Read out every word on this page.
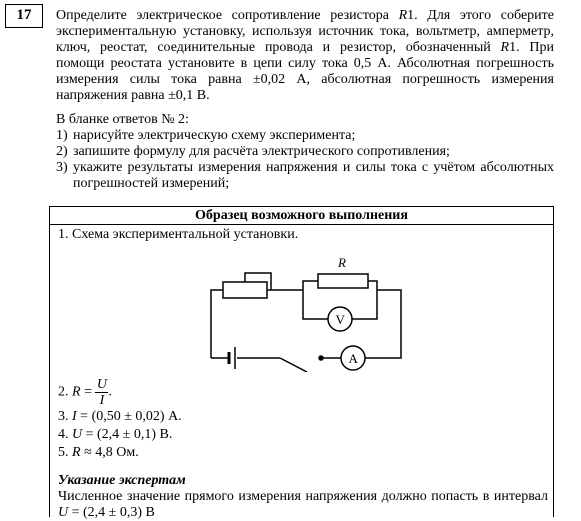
17	Определите электрическое сопротивление резистора R1. Для этого соберите экспериментальную установку, используя источник тока, вольтметр, амперметр, ключ, реостат, соединительные провода и резистор, обозначенный R1. При помощи реостата установите в цепи силу тока 0,5 А. Абсолютная погрешность измерения силы тока равна ±0,02 А, абсолютная погрешность измерения напряжения равна ±0,1 В.

В бланке ответов № 2:

1) нарисуйте электрическую схему эксперимента;
2) запишите формулу для расчёта электрического сопротивления;
3) укажите результаты измерения напряжения и силы тока с учётом абсолютных погрешностей измерений;
Образец возможного выполнения

1. Схема экспериментальной установки.

R
V
A
2. $R = \frac{U}{I}$ .
3. I = (0,50 ± 0,02) А.
4. U = (2,4 ± 0,1) В.
5. R ≈ 4,8 Ом.
Указание экспертам
Численное значение прямого измерения напряжения должно попасть в интервал U = (2,4 ± 0,3) В
